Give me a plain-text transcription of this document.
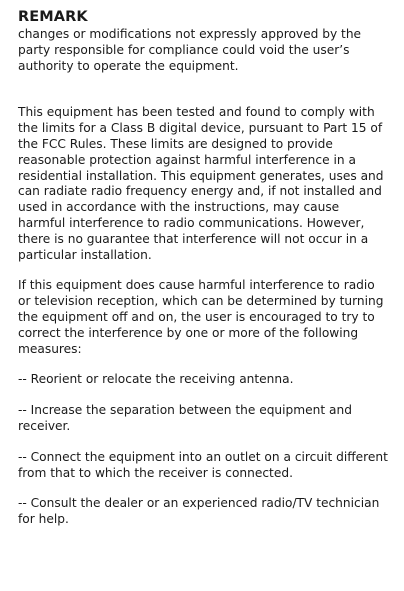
REMARK

changes or modifications not expressly approved by the party responsible for compliance could void the user’s authority to operate the equipment.

This equipment has been tested and found to comply with the limits for a Class B digital device, pursuant to Part 15 of the FCC Rules. These limits are designed to provide reasonable protection against harmful interference in a residential installation. This equipment generates, uses and can radiate radio frequency energy and, if not installed and used in accordance with the instructions, may cause harmful interference to radio communications. However, there is no guarantee that interference will not occur in a particular installation.

If this equipment does cause harmful interference to radio or television reception, which can be determined by turning the equipment off and on, the user is encouraged to try to correct the interference by one or more of the following measures:

-- Reorient or relocate the receiving antenna.

-- Increase the separation between the equipment and receiver.

-- Connect the equipment into an outlet on a circuit different from that to which the receiver is connected.

-- Consult the dealer or an experienced radio/TV technician for help.
